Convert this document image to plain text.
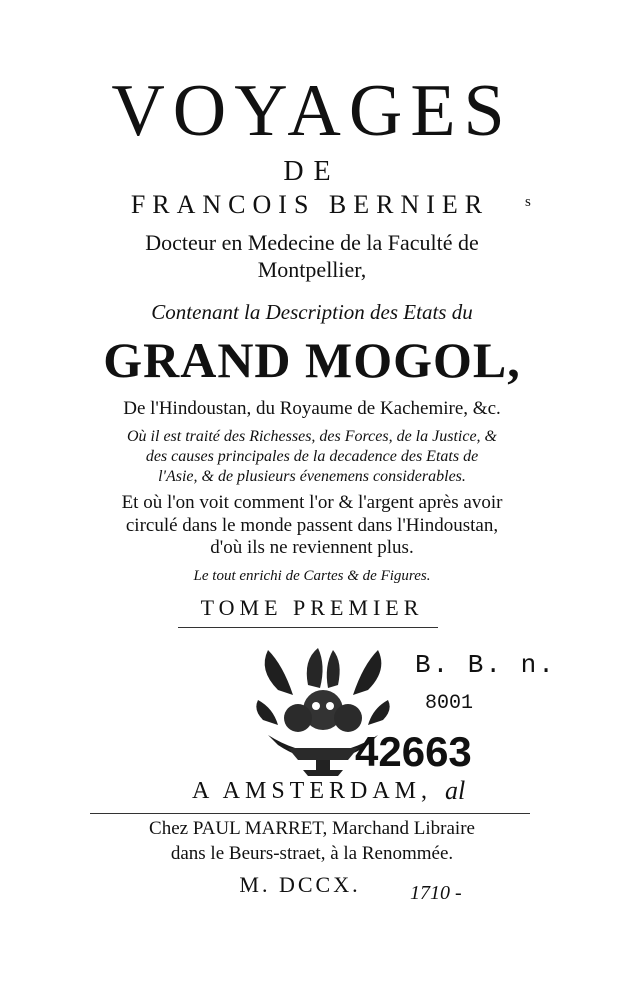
VOYAGES
DE
FRANCOIS BERNIER	s
Docteur en Medecine de la Faculté de
Montpellier,
Contenant la Description des Etats du
GRAND MOGOL,
De l'Hindoustan, du Royaume de Kachemire, &c.
Où il est traité des Richesses, des Forces, de la Justice, &
des causes principales de la decadence des Etats de
l'Asie, & de plusieurs évenemens considerables.
Et où l'on voit comment l'or & l'argent après avoir
circulé dans le monde passent dans l'Hindoustan,
d'où ils ne reviennent plus.
Le tout enrichi de Cartes & de Figures.
TOME PREMIER
B. B. n.
8001
42663
A AMSTERDAM, al
Chez PAUL MARRET, Marchand Libraire
dans le Beurs-straet, à la Renommée.
M. DCCX.	1710 -
